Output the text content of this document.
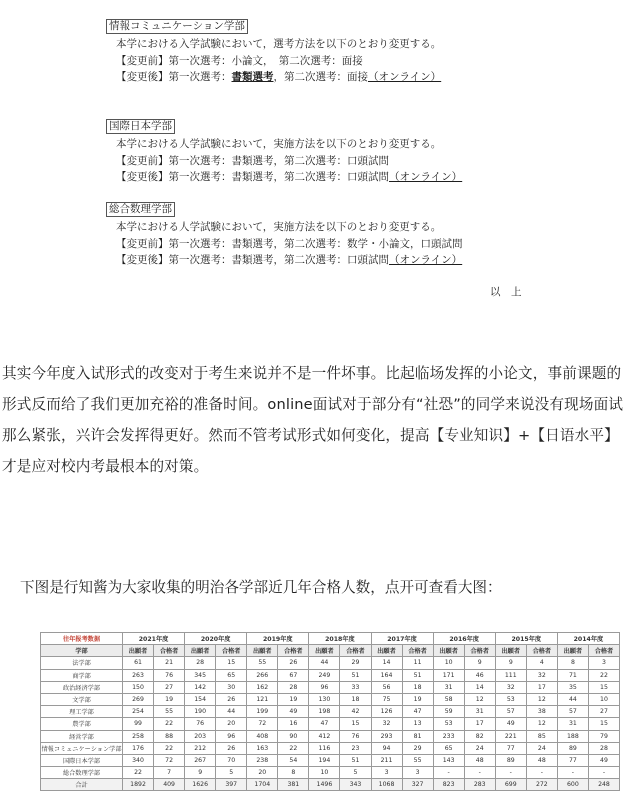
情報コミュニケーション学部
本学における入学試験において，選考方法を以下のとおり変更する。
【変更前】第一次選考：小論文，　第二次選考：面接
【変更後】第一次選考：書類選考，第二次選考：面接（オンライン）
国際日本学部
本学における人学試験において，実施方法を以下のとおり変更する。
【変更前】第一次選考：書類選考，第二次選考：口頭試問
【変更後】第一次選考：書類選考，第二次選考：口頭試問（オンライン）
総合数理学部
本学における人学試験において，実施方法を以下のとおり変更する。
【変更前】第一次選考：書類選考，第二次選考：数学・小論文，口頭試問
【変更後】第一次選考：書類選考，第二次選考：口頭試問（オンライン）
以　上
其实今年度入试形式的改变对于考生来说并不是一件坏事。比起临场发挥的小论文，事前课题的形式反而给了我们更加充裕的准备时间。online面试对于部分有“社恐”的同学来说没有现场面试那么紧张，兴许会发挥得更好。然而不管考试形式如何变化，提高【专业知识】+【日语水平】才是应对校内考最根本的对策。
下图是行知酱为大家收集的明治各学部近几年合格人数，点开可查看大图：
往年报考数据	2021年度		2020年度		2019年度		2018年度		2017年度		2016年度		2015年度		2014年度	
学部	出願者	合格者	出願者	合格者	出願者	合格者	出願者	合格者	出願者	合格者	出願者	合格者	出願者	合格者	出願者	合格者
法学部	61	21	28	15	55	26	44	29	14	11	10	9	9	4	8	3
商学部	263	76	345	65	266	67	249	51	164	51	171	46	111	32	71	22
政治経済学部	150	27	142	30	162	28	96	33	56	18	31	14	32	17	35	15
文学部	269	19	154	26	121	19	130	18	75	19	58	12	53	12	44	10
理工学部	254	55	190	44	199	49	198	42	126	47	59	31	57	38	57	27
農学部	99	22	76	20	72	16	47	15	32	13	53	17	49	12	31	15
経営学部	258	88	203	96	408	90	412	76	293	81	233	82	221	85	188	79
情報コミュニケーション学部	176	22	212	26	163	22	116	23	94	29	65	24	77	24	89	28
国際日本学部	340	72	267	70	238	54	194	51	211	55	143	48	89	48	77	49
総合数理学部	22	7	9	5	20	8	10	5	3	3	-	-	-	-	-	-
合計	1892	409	1626	397	1704	381	1496	343	1068	327	823	283	699	272	600	248
